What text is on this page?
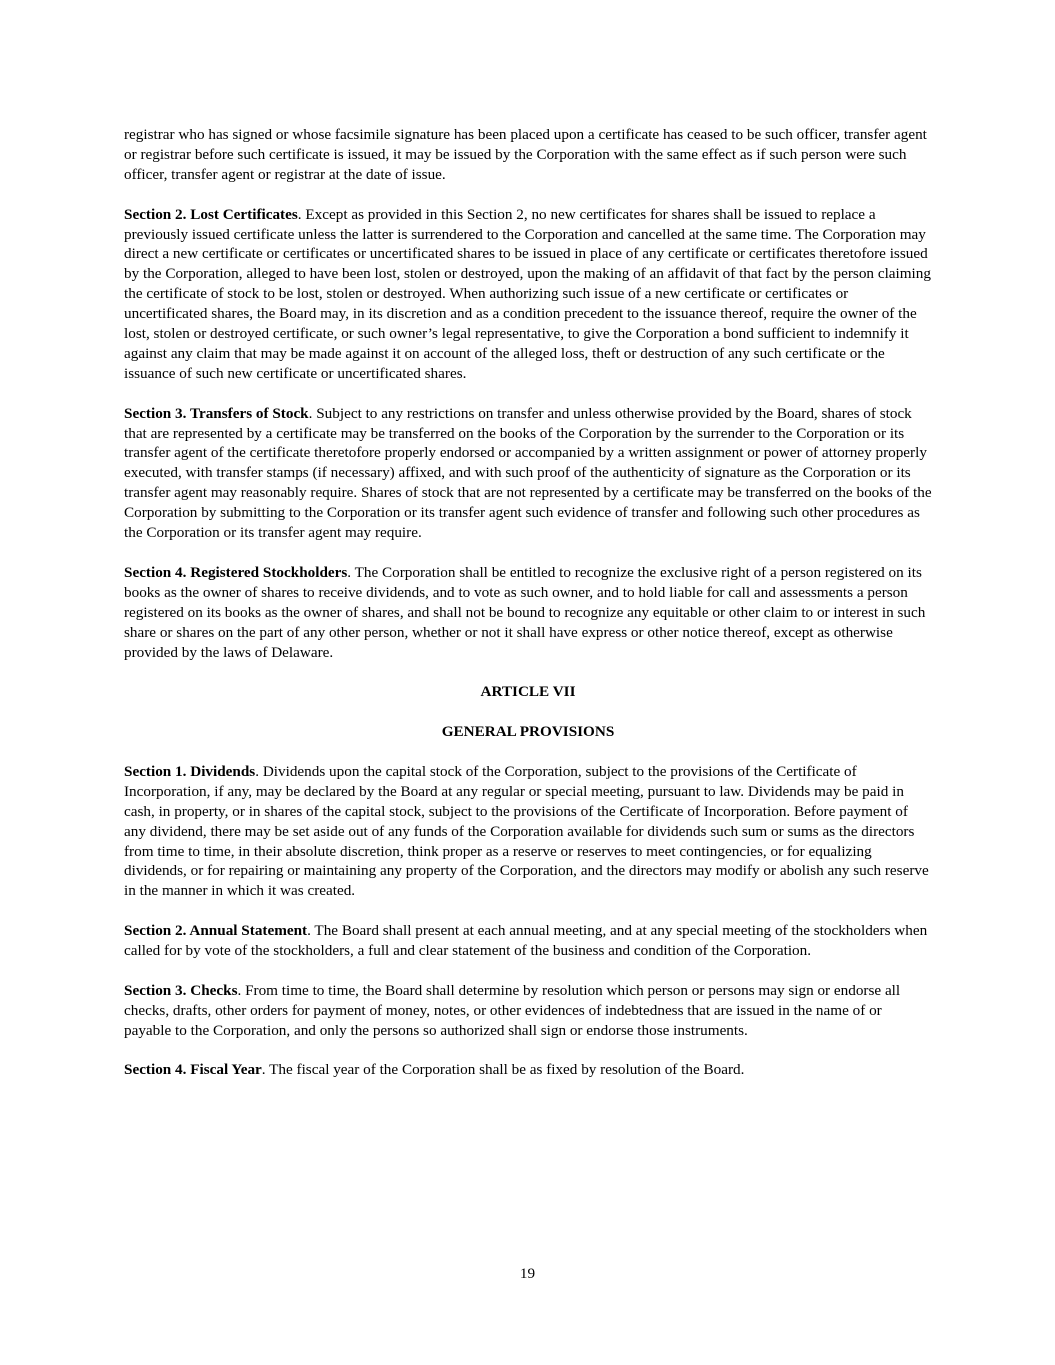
registrar who has signed or whose facsimile signature has been placed upon a certificate has ceased to be such officer, transfer agent or registrar before such certificate is issued, it may be issued by the Corporation with the same effect as if such person were such officer, transfer agent or registrar at the date of issue.

Section 2. Lost Certificates. Except as provided in this Section 2, no new certificates for shares shall be issued to replace a previously issued certificate unless the latter is surrendered to the Corporation and cancelled at the same time. The Corporation may direct a new certificate or certificates or uncertificated shares to be issued in place of any certificate or certificates theretofore issued by the Corporation, alleged to have been lost, stolen or destroyed, upon the making of an affidavit of that fact by the person claiming the certificate of stock to be lost, stolen or destroyed. When authorizing such issue of a new certificate or certificates or uncertificated shares, the Board may, in its discretion and as a condition precedent to the issuance thereof, require the owner of the lost, stolen or destroyed certificate, or such owner’s legal representative, to give the Corporation a bond sufficient to indemnify it against any claim that may be made against it on account of the alleged loss, theft or destruction of any such certificate or the issuance of such new certificate or uncertificated shares.

Section 3. Transfers of Stock. Subject to any restrictions on transfer and unless otherwise provided by the Board, shares of stock that are represented by a certificate may be transferred on the books of the Corporation by the surrender to the Corporation or its transfer agent of the certificate theretofore properly endorsed or accompanied by a written assignment or power of attorney properly executed, with transfer stamps (if necessary) affixed, and with such proof of the authenticity of signature as the Corporation or its transfer agent may reasonably require. Shares of stock that are not represented by a certificate may be transferred on the books of the Corporation by submitting to the Corporation or its transfer agent such evidence of transfer and following such other procedures as the Corporation or its transfer agent may require.

Section 4. Registered Stockholders. The Corporation shall be entitled to recognize the exclusive right of a person registered on its books as the owner of shares to receive dividends, and to vote as such owner, and to hold liable for call and assessments a person registered on its books as the owner of shares, and shall not be bound to recognize any equitable or other claim to or interest in such share or shares on the part of any other person, whether or not it shall have express or other notice thereof, except as otherwise provided by the laws of Delaware.

ARTICLE VII

GENERAL PROVISIONS

Section 1. Dividends. Dividends upon the capital stock of the Corporation, subject to the provisions of the Certificate of Incorporation, if any, may be declared by the Board at any regular or special meeting, pursuant to law. Dividends may be paid in cash, in property, or in shares of the capital stock, subject to the provisions of the Certificate of Incorporation. Before payment of any dividend, there may be set aside out of any funds of the Corporation available for dividends such sum or sums as the directors from time to time, in their absolute discretion, think proper as a reserve or reserves to meet contingencies, or for equalizing dividends, or for repairing or maintaining any property of the Corporation, and the directors may modify or abolish any such reserve in the manner in which it was created.

Section 2. Annual Statement. The Board shall present at each annual meeting, and at any special meeting of the stockholders when called for by vote of the stockholders, a full and clear statement of the business and condition of the Corporation.

Section 3. Checks. From time to time, the Board shall determine by resolution which person or persons may sign or endorse all checks, drafts, other orders for payment of money, notes, or other evidences of indebtedness that are issued in the name of or payable to the Corporation, and only the persons so authorized shall sign or endorse those instruments.

Section 4. Fiscal Year. The fiscal year of the Corporation shall be as fixed by resolution of the Board.

19
